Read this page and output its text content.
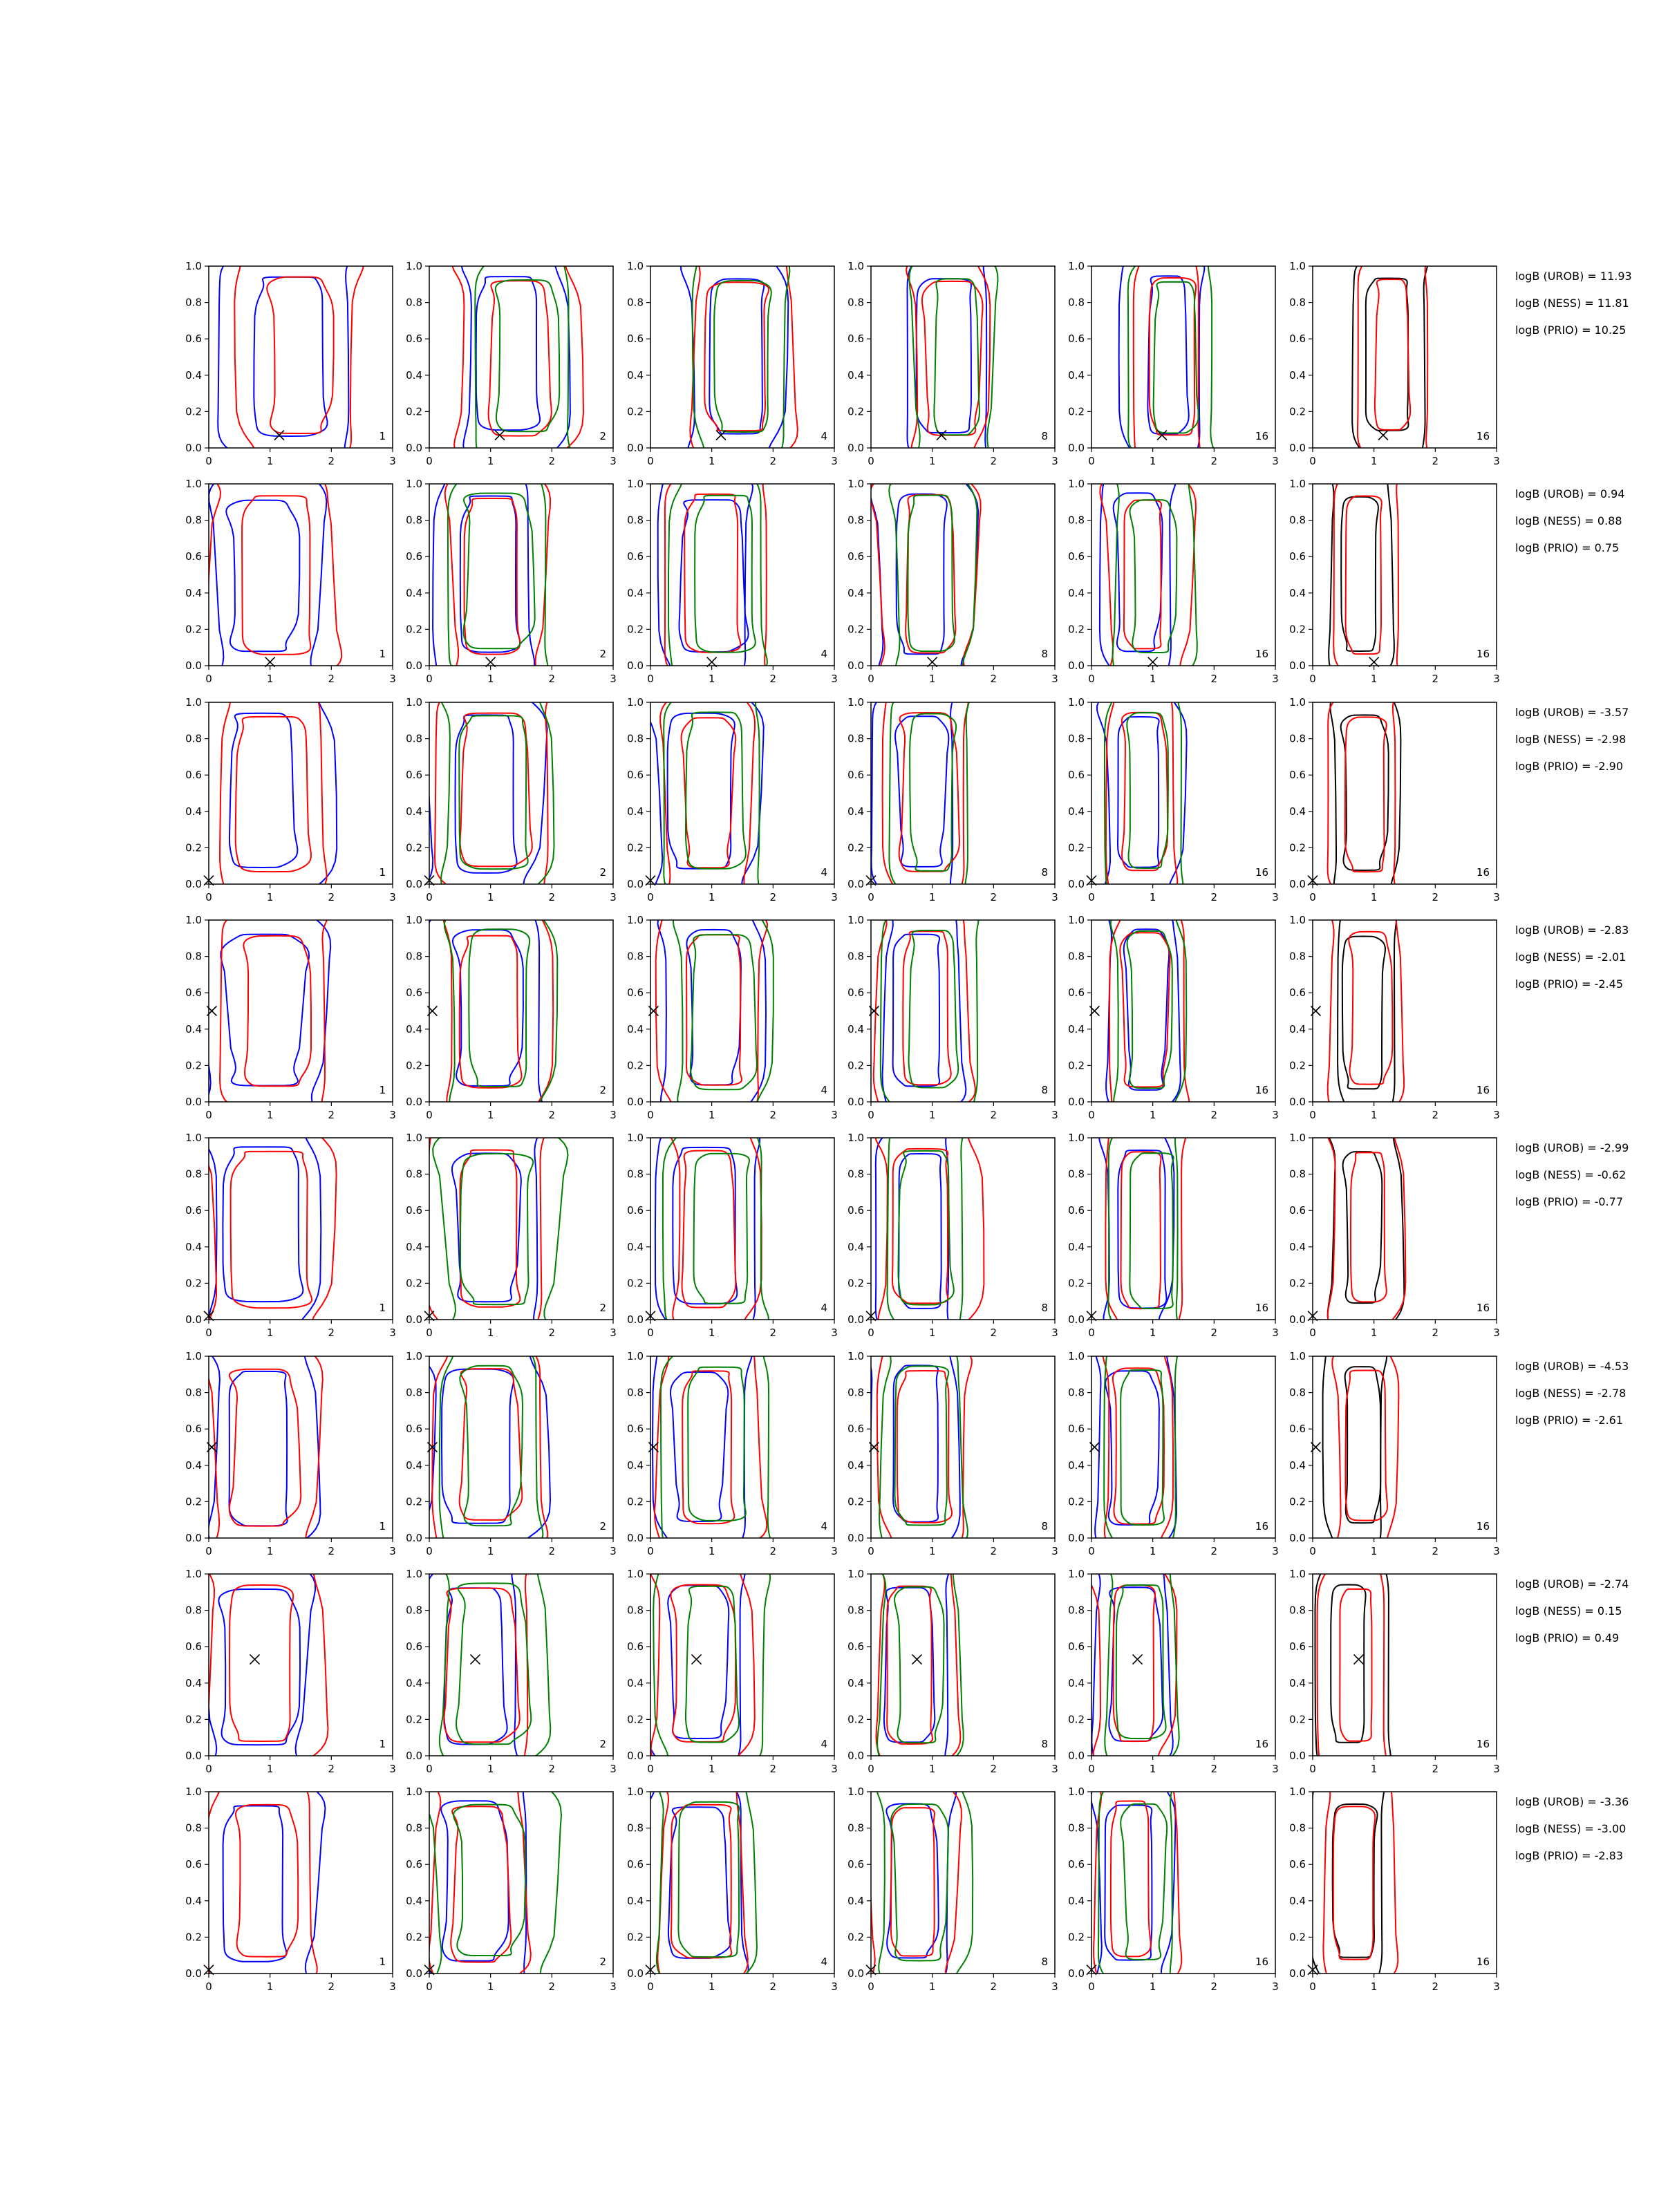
0	1	2	3
0.0
0.2
0.4
0.6
0.8
1.0
1
0	1	2	3
0.0
0.2
0.4
0.6
0.8
1.0
2
0	1	2	3
0.0
0.2
0.4
0.6
0.8
1.0
4
0	1	2	3
0.0
0.2
0.4
0.6
0.8
1.0
8
0	1	2	3
0.0
0.2
0.4
0.6
0.8
1.0
16
0	1	2	3
0.0
0.2
0.4
0.6
0.8
1.0
16
logB (UROB) = 11.93
logB (NESS) = 11.81
logB (PRIO) = 10.25
0	1	2	3
0.0
0.2
0.4
0.6
0.8
1.0
1
0	1	2	3
0.0
0.2
0.4
0.6
0.8
1.0
2
0	1	2	3
0.0
0.2
0.4
0.6
0.8
1.0
4
0	1	2	3
0.0
0.2
0.4
0.6
0.8
1.0
8
0	1	2	3
0.0
0.2
0.4
0.6
0.8
1.0
16
0	1	2	3
0.0
0.2
0.4
0.6
0.8
1.0
16
logB (UROB) = 0.94
logB (NESS) = 0.88
logB (PRIO) = 0.75
0	1	2	3
0.0
0.2
0.4
0.6
0.8
1.0
1
0	1	2	3
0.0
0.2
0.4
0.6
0.8
1.0
2
0	1	2	3
0.0
0.2
0.4
0.6
0.8
1.0
4
0	1	2	3
0.0
0.2
0.4
0.6
0.8
1.0
8
0	1	2	3
0.0
0.2
0.4
0.6
0.8
1.0
16
0	1	2	3
0.0
0.2
0.4
0.6
0.8
1.0
16
logB (UROB) = -3.57
logB (NESS) = -2.98
logB (PRIO) = -2.90
0	1	2	3
0.0
0.2
0.4
0.6
0.8
1.0
1
0	1	2	3
0.0
0.2
0.4
0.6
0.8
1.0
2
0	1	2	3
0.0
0.2
0.4
0.6
0.8
1.0
4
0	1	2	3
0.0
0.2
0.4
0.6
0.8
1.0
8
0	1	2	3
0.0
0.2
0.4
0.6
0.8
1.0
16
0	1	2	3
0.0
0.2
0.4
0.6
0.8
1.0
16
logB (UROB) = -2.83
logB (NESS) = -2.01
logB (PRIO) = -2.45
0	1	2	3
0.0
0.2
0.4
0.6
0.8
1.0
1
0	1	2	3
0.0
0.2
0.4
0.6
0.8
1.0
2
0	1	2	3
0.0
0.2
0.4
0.6
0.8
1.0
4
0	1	2	3
0.0
0.2
0.4
0.6
0.8
1.0
8
0	1	2	3
0.0
0.2
0.4
0.6
0.8
1.0
16
0	1	2	3
0.0
0.2
0.4
0.6
0.8
1.0
16
logB (UROB) = -2.99
logB (NESS) = -0.62
logB (PRIO) = -0.77
0	1	2	3
0.0
0.2
0.4
0.6
0.8
1.0
1
0	1	2	3
0.0
0.2
0.4
0.6
0.8
1.0
2
0	1	2	3
0.0
0.2
0.4
0.6
0.8
1.0
4
0	1	2	3
0.0
0.2
0.4
0.6
0.8
1.0
8
0	1	2	3
0.0
0.2
0.4
0.6
0.8
1.0
16
0	1	2	3
0.0
0.2
0.4
0.6
0.8
1.0
16
logB (UROB) = -4.53
logB (NESS) = -2.78
logB (PRIO) = -2.61
0	1	2	3
0.0
0.2
0.4
0.6
0.8
1.0
1
0	1	2	3
0.0
0.2
0.4
0.6
0.8
1.0
2
0	1	2	3
0.0
0.2
0.4
0.6
0.8
1.0
4
0	1	2	3
0.0
0.2
0.4
0.6
0.8
1.0
8
0	1	2	3
0.0
0.2
0.4
0.6
0.8
1.0
16
0	1	2	3
0.0
0.2
0.4
0.6
0.8
1.0
16
logB (UROB) = -2.74
logB (NESS) = 0.15
logB (PRIO) = 0.49
0	1	2	3
0.0
0.2
0.4
0.6
0.8
1.0
1
0	1	2	3
0.0
0.2
0.4
0.6
0.8
1.0
2
0	1	2	3
0.0
0.2
0.4
0.6
0.8
1.0
4
0	1	2	3
0.0
0.2
0.4
0.6
0.8
1.0
8
0	1	2	3
0.0
0.2
0.4
0.6
0.8
1.0
16
0	1	2	3
0.0
0.2
0.4
0.6
0.8
1.0
16
logB (UROB) = -3.36
logB (NESS) = -3.00
logB (PRIO) = -2.83
